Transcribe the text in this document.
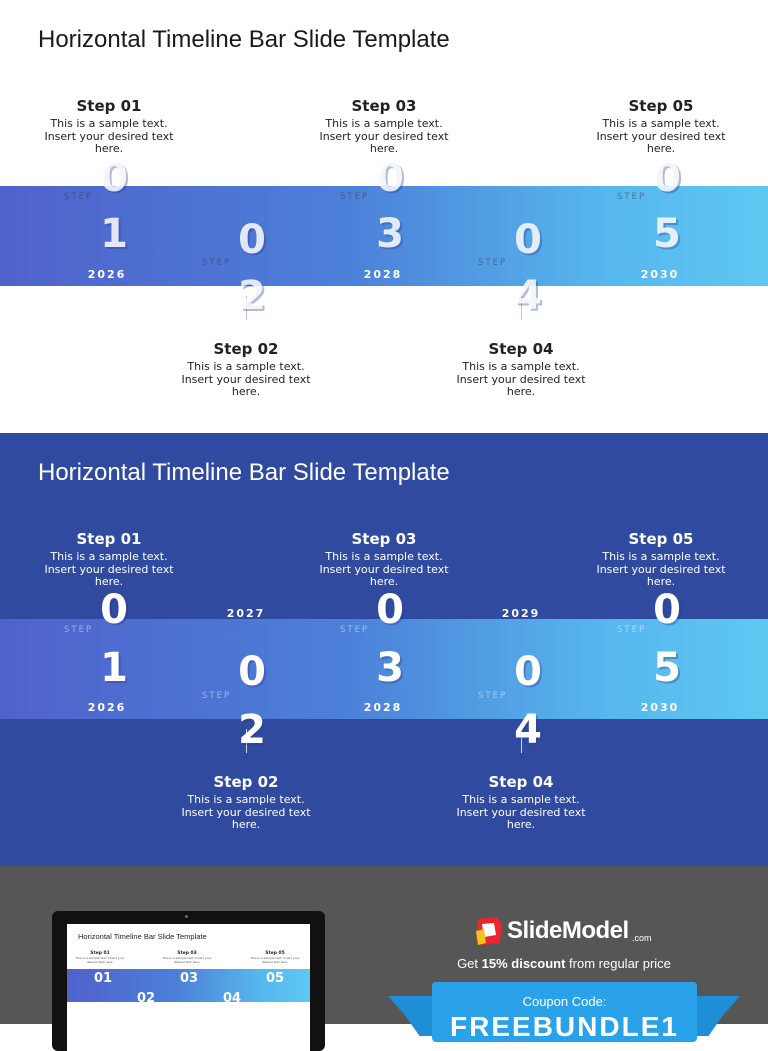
Horizontal Timeline Bar Slide Template
Step 01
This is a sample text. Insert your desired text here.
01
STEP
2026
02
STEP
2027
Step 02
This is a sample text. Insert your desired text here.
Step 03
This is a sample text. Insert your desired text here.
03
STEP
2028
04
STEP
2029
Step 04
This is a sample text. Insert your desired text here.
Step 05
This is a sample text. Insert your desired text here.
05
STEP
2030
Horizontal Timeline Bar Slide Template
Step 01
This is a sample text. Insert your desired text here.
01
STEP
2026
02
STEP
2027
Step 02
This is a sample text. Insert your desired text here.
Step 03
This is a sample text. Insert your desired text here.
03
STEP
2028
04
STEP
2029
Step 04
This is a sample text. Insert your desired text here.
Step 05
This is a sample text. Insert your desired text here.
05
STEP
2030
Horizontal Timeline Bar Slide Template
Step 01
This is a sample text. Insert your desired text here.
Step 03
This is a sample text. Insert your desired text here.
Step 05
This is a sample text. Insert your desired text here.
01
02
03
04
05
SlideModel .com
Get 15% discount from regular price
Coupon Code:
FREEBUNDLE1
